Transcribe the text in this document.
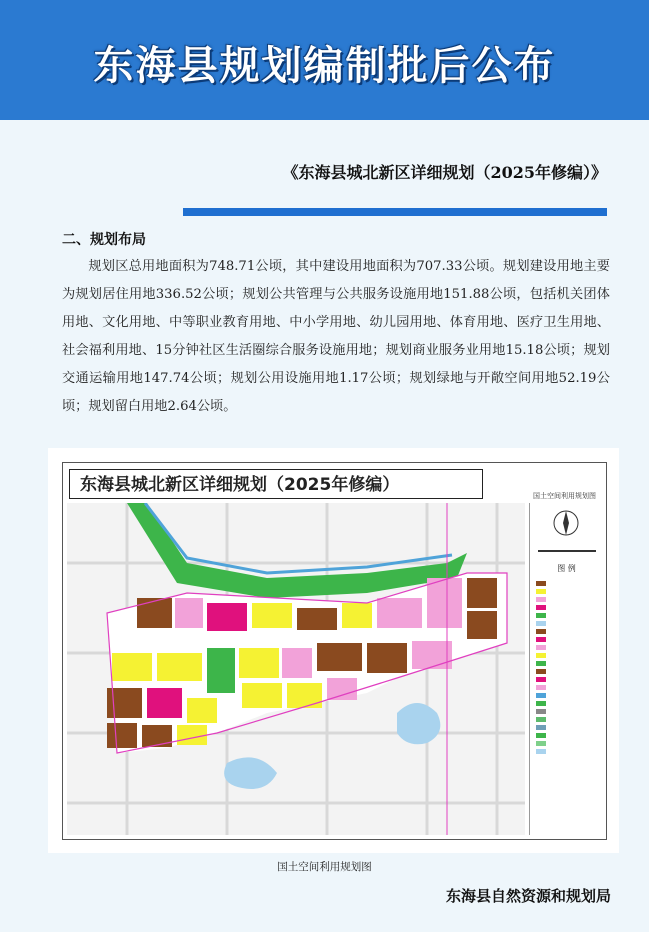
东海县规划编制批后公布
《东海县城北新区详细规划（2025年修编）》
二、规划布局

规划区总用地面积为748.71公顷，其中建设用地面积为707.33公顷。规划建设用地主要为规划居住用地336.52公顷；规划公共管理与公共服务设施用地151.88公顷，包括机关团体用地、文化用地、中等职业教育用地、中小学用地、幼儿园用地、体育用地、医疗卫生用地、社会福利用地、15分钟社区生活圈综合服务设施用地；规划商业服务业用地15.18公顷；规划交通运输用地147.74公顷；规划公用设施用地1.17公顷；规划绿地与开敞空间用地52.19公顷；规划留白用地2.64公顷。

东海县城北新区详细规划（2025年修编）
国土空间利用规划图
图 例
国土空间利用规划图
东海县自然资源和规划局
